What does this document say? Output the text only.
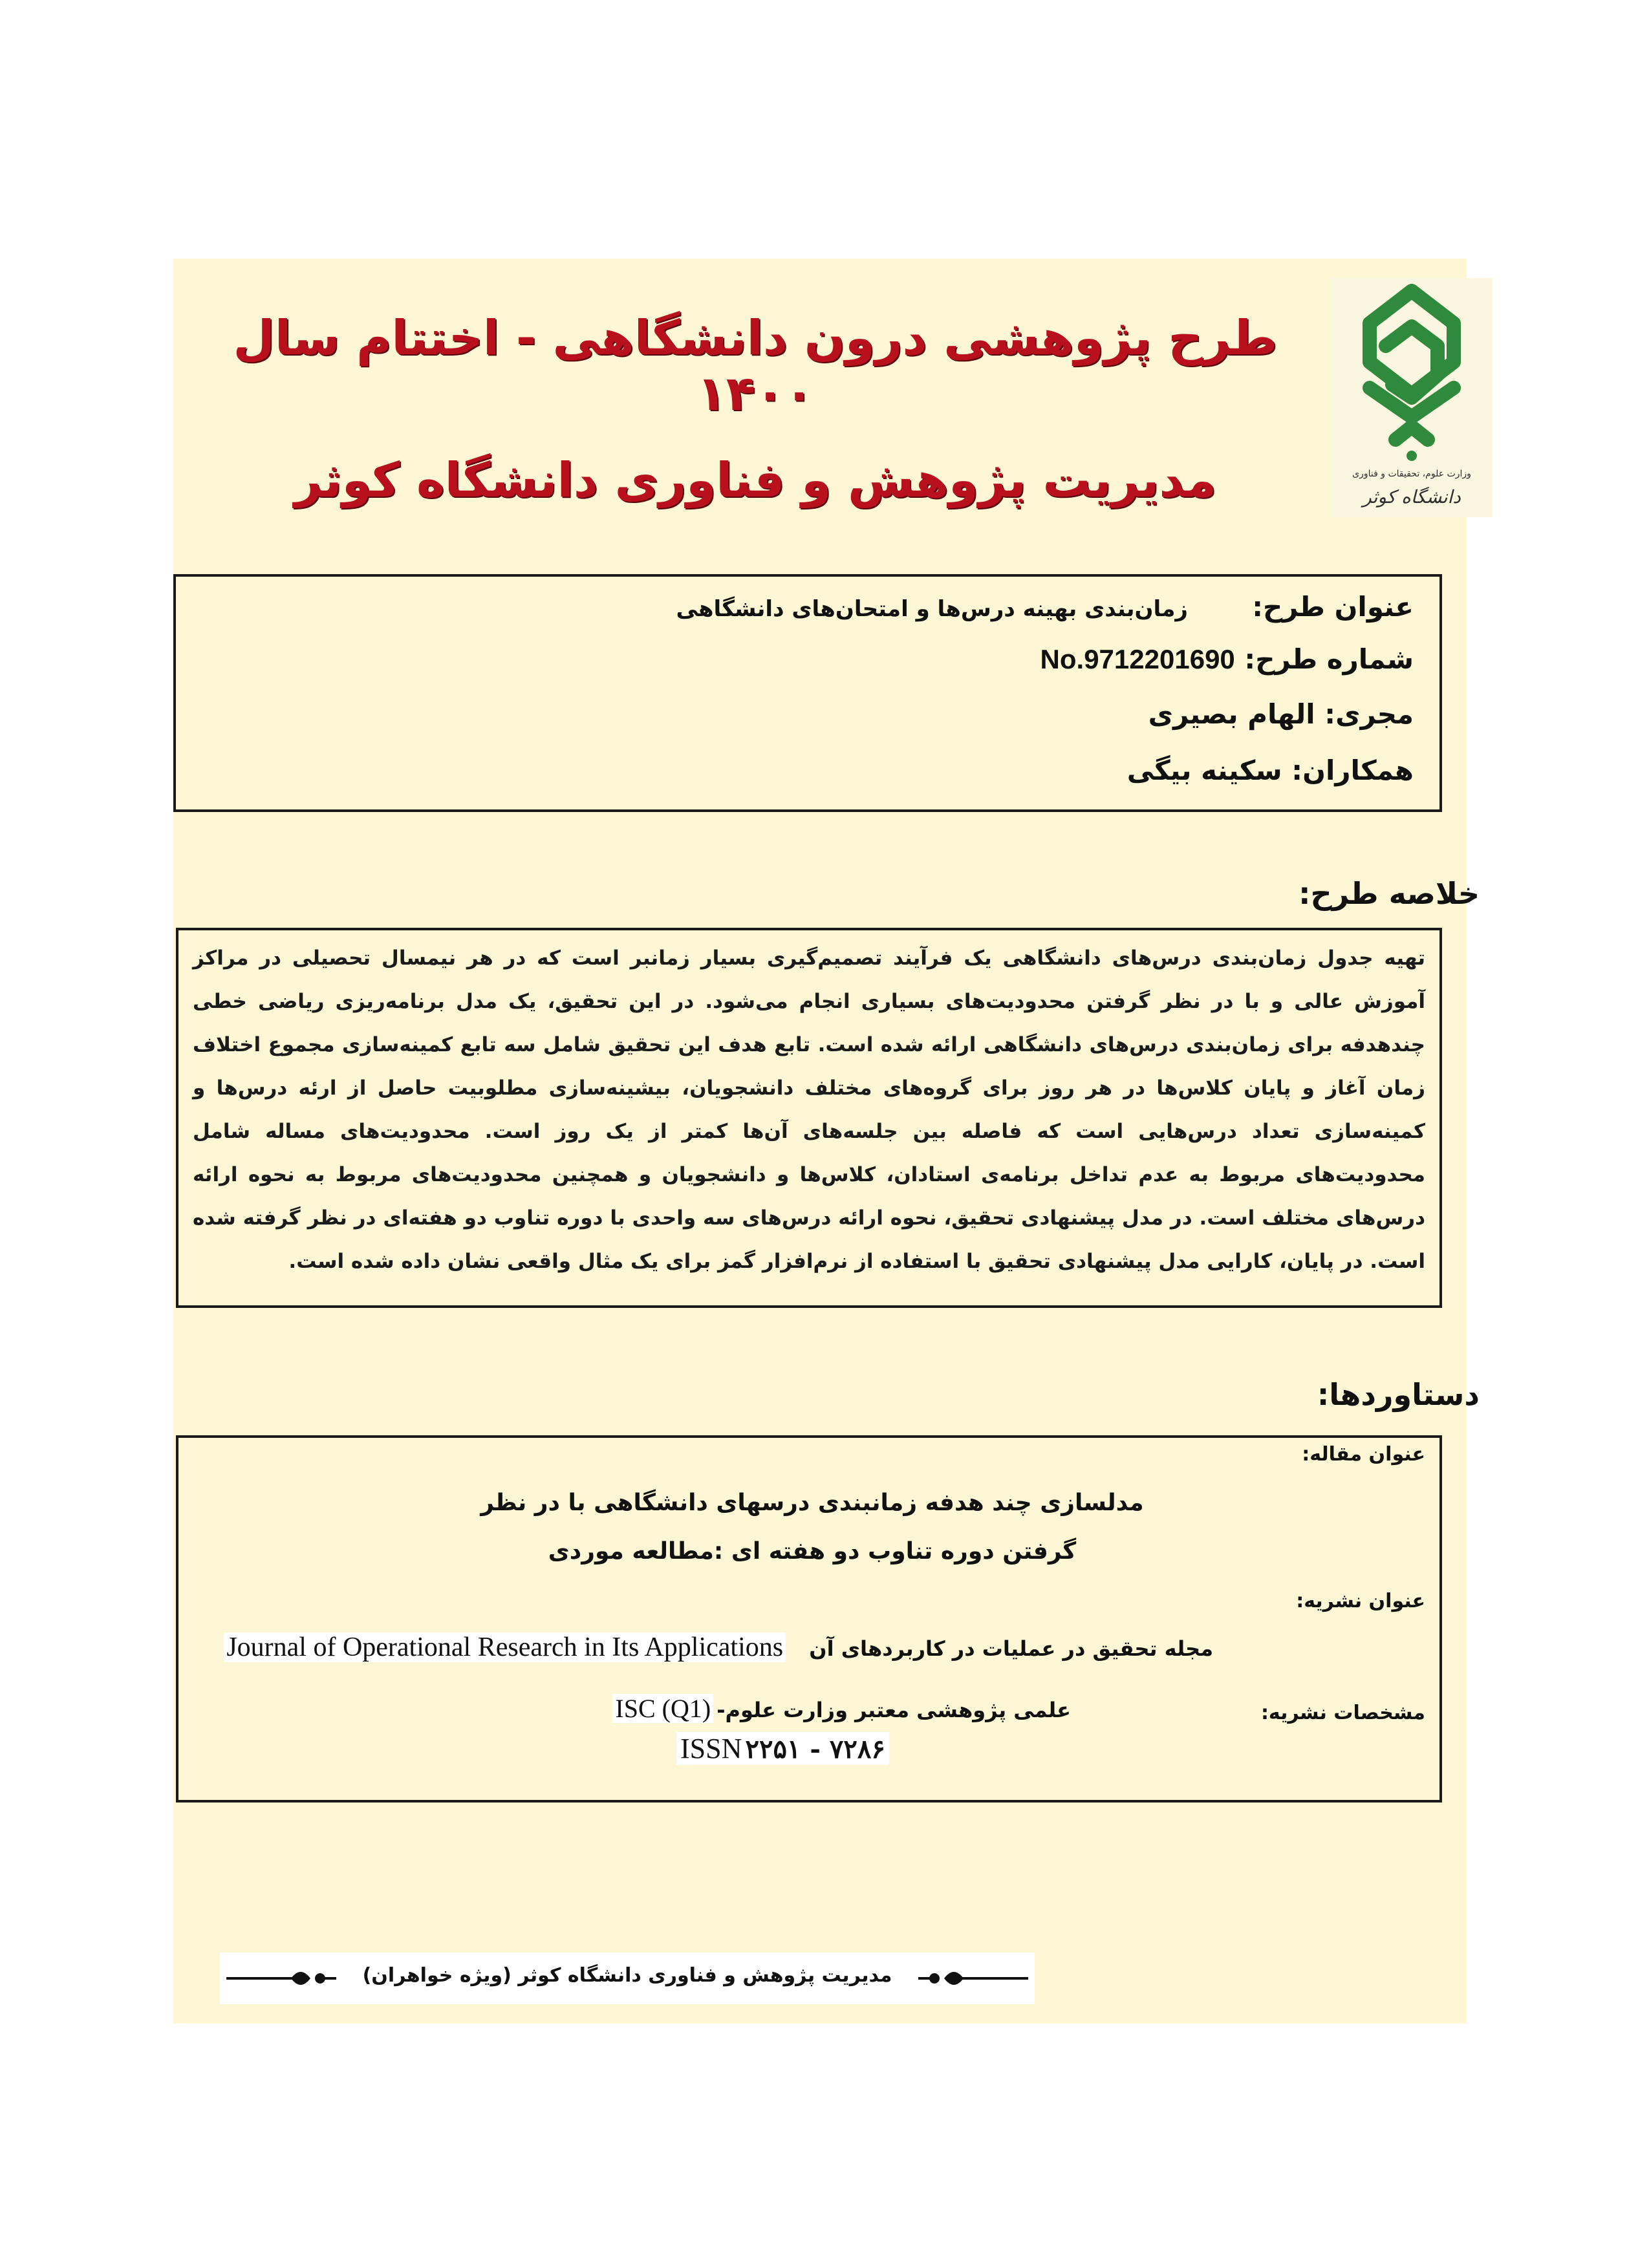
وزارت علوم، تحقیقات و فناوری
دانشگاه کوثر
طرح پژوهشی درون دانشگاهی - اختتام سال ۱۴۰۰
مدیریت پژوهش و فناوری دانشگاه کوثر
عنوان طرح:  زمان‌بندی بهینه درس‌ها و امتحان‌های دانشگاهی
شماره طرح: No.9712201690
مجری: الهام بصیری
همکاران: سکینه بیگی
خلاصه طرح:
تهیه جدول زمان‌بندی درس‌های دانشگاهی یک فرآیند تصمیم‌گیری بسیار زمانبر است که در هر نیمسال تحصیلی در مراکز آموزش عالی و با در نظر گرفتن محدودیت‌های بسیاری انجام می‌شود. در این تحقیق، یک مدل برنامه‌ریزی ریاضی خطی چندهدفه برای زمان‌بندی درس‌های دانشگاهی ارائه شده است. تابع هدف این تحقیق شامل سه تابع کمینه‌سازی مجموع اختلاف زمان آغاز و پایان کلاس‌ها در هر روز برای گروه‌های مختلف دانشجویان، بیشینه‌سازی مطلوبیت حاصل از ارئه درس‌ها و کمینه‌سازی تعداد درس‌هایی است که فاصله بین جلسه‌های آن‌ها کمتر از یک روز است. محدودیت‌های مساله شامل محدودیت‌های مربوط به عدم تداخل برنامه‌ی استادان، کلاس‌ها و دانشجویان و همچنین محدودیت‌های مربوط به نحوه ارائه درس‌های مختلف است. در مدل پیشنهادی تحقیق، نحوه ارائه درس‌های سه واحدی با دوره تناوب دو هفته‌ای در نظر گرفته شده است. در پایان، کارایی مدل پیشنهادی تحقیق با استفاده از نرم‌افزار گمز برای یک مثال واقعی نشان داده شده است.
دستاوردها:
عنوان مقاله:
مدلسازی چند هدفه زمانبندی درسهای دانشگاهی با در نظر
گرفتن دوره تناوب دو هفته ای :مطالعه موردی
عنوان نشریه:
مجله تحقیق در عملیات در کاربردهای آن  Journal of Operational Research in Its Applications
مشخصات نشریه:
علمی پژوهشی معتبر وزارت علوم- ISC (Q1)
ISSN ۲۲۵۱ - ۷۲۸۶
مدیریت پژوهش و فناوری دانشگاه کوثر (ویژه خواهران)
